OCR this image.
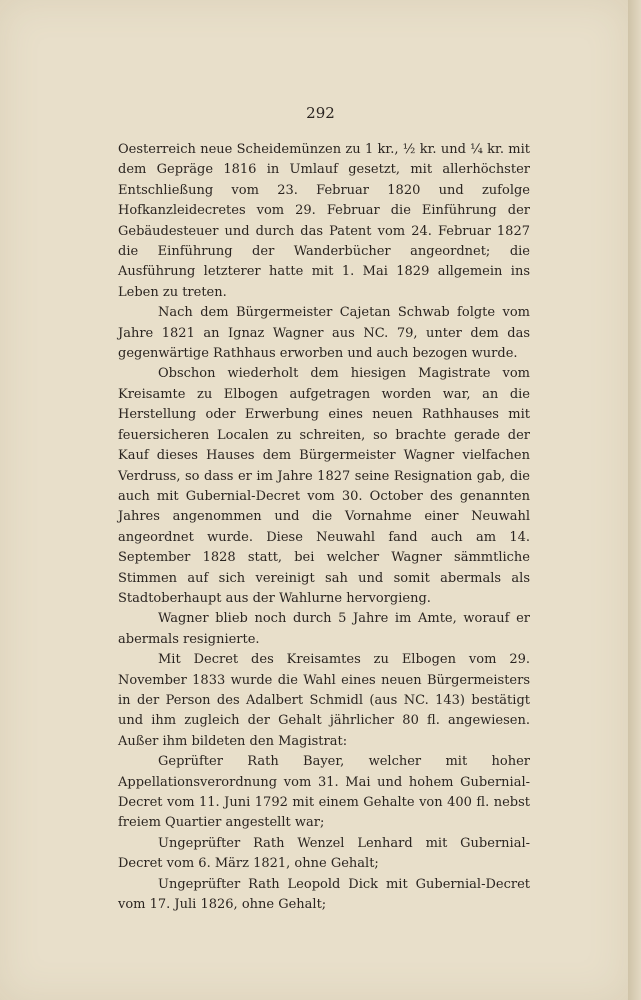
292

Oesterreich neue Scheidemünzen zu 1 kr., ½ kr. und ¼ kr. mit dem Gepräge 1816 in Umlauf gesetzt, mit allerhöchster Entschließung vom 23. Februar 1820 und zufolge Hofkanzleidecretes vom 29. Februar die Einführung der Gebäudesteuer und durch das Patent vom 24. Februar 1827 die Einführung der Wanderbücher angeordnet; die Ausführung letzterer hatte mit 1. Mai 1829 allgemein ins Leben zu treten.

Nach dem Bürgermeister Cajetan Schwab folgte vom Jahre 1821 an Ignaz Wagner aus NC. 79, unter dem das gegenwärtige Rathhaus erworben und auch bezogen wurde.

Obschon wiederholt dem hiesigen Magistrate vom Kreisamte zu Elbogen aufgetragen worden war, an die Herstellung oder Erwerbung eines neuen Rathhauses mit feuersicheren Localen zu schreiten, so brachte gerade der Kauf dieses Hauses dem Bürgermeister Wagner vielfachen Verdruss, so dass er im Jahre 1827 seine Resignation gab, die auch mit Gubernial-Decret vom 30. October des genannten Jahres angenommen und die Vornahme einer Neuwahl angeordnet wurde. Diese Neuwahl fand auch am 14. September 1828 statt, bei welcher Wagner sämmtliche Stimmen auf sich vereinigt sah und somit abermals als Stadtoberhaupt aus der Wahlurne hervorgieng.

Wagner blieb noch durch 5 Jahre im Amte, worauf er abermals resignierte.

Mit Decret des Kreisamtes zu Elbogen vom 29. November 1833 wurde die Wahl eines neuen Bürgermeisters in der Person des Adalbert Schmidl (aus NC. 143) bestätigt und ihm zugleich der Gehalt jährlicher 80 fl. angewiesen. Außer ihm bildeten den Magistrat:

Geprüfter Rath Bayer, welcher mit hoher Appellationsverordnung vom 31. Mai und hohem Gubernial-Decret vom 11. Juni 1792 mit einem Gehalte von 400 fl. nebst freiem Quartier angestellt war;

Ungeprüfter Rath Wenzel Lenhard mit Gubernial-Decret vom 6. März 1821, ohne Gehalt;

Ungeprüfter Rath Leopold Dick mit Gubernial-Decret vom 17. Juli 1826, ohne Gehalt;
